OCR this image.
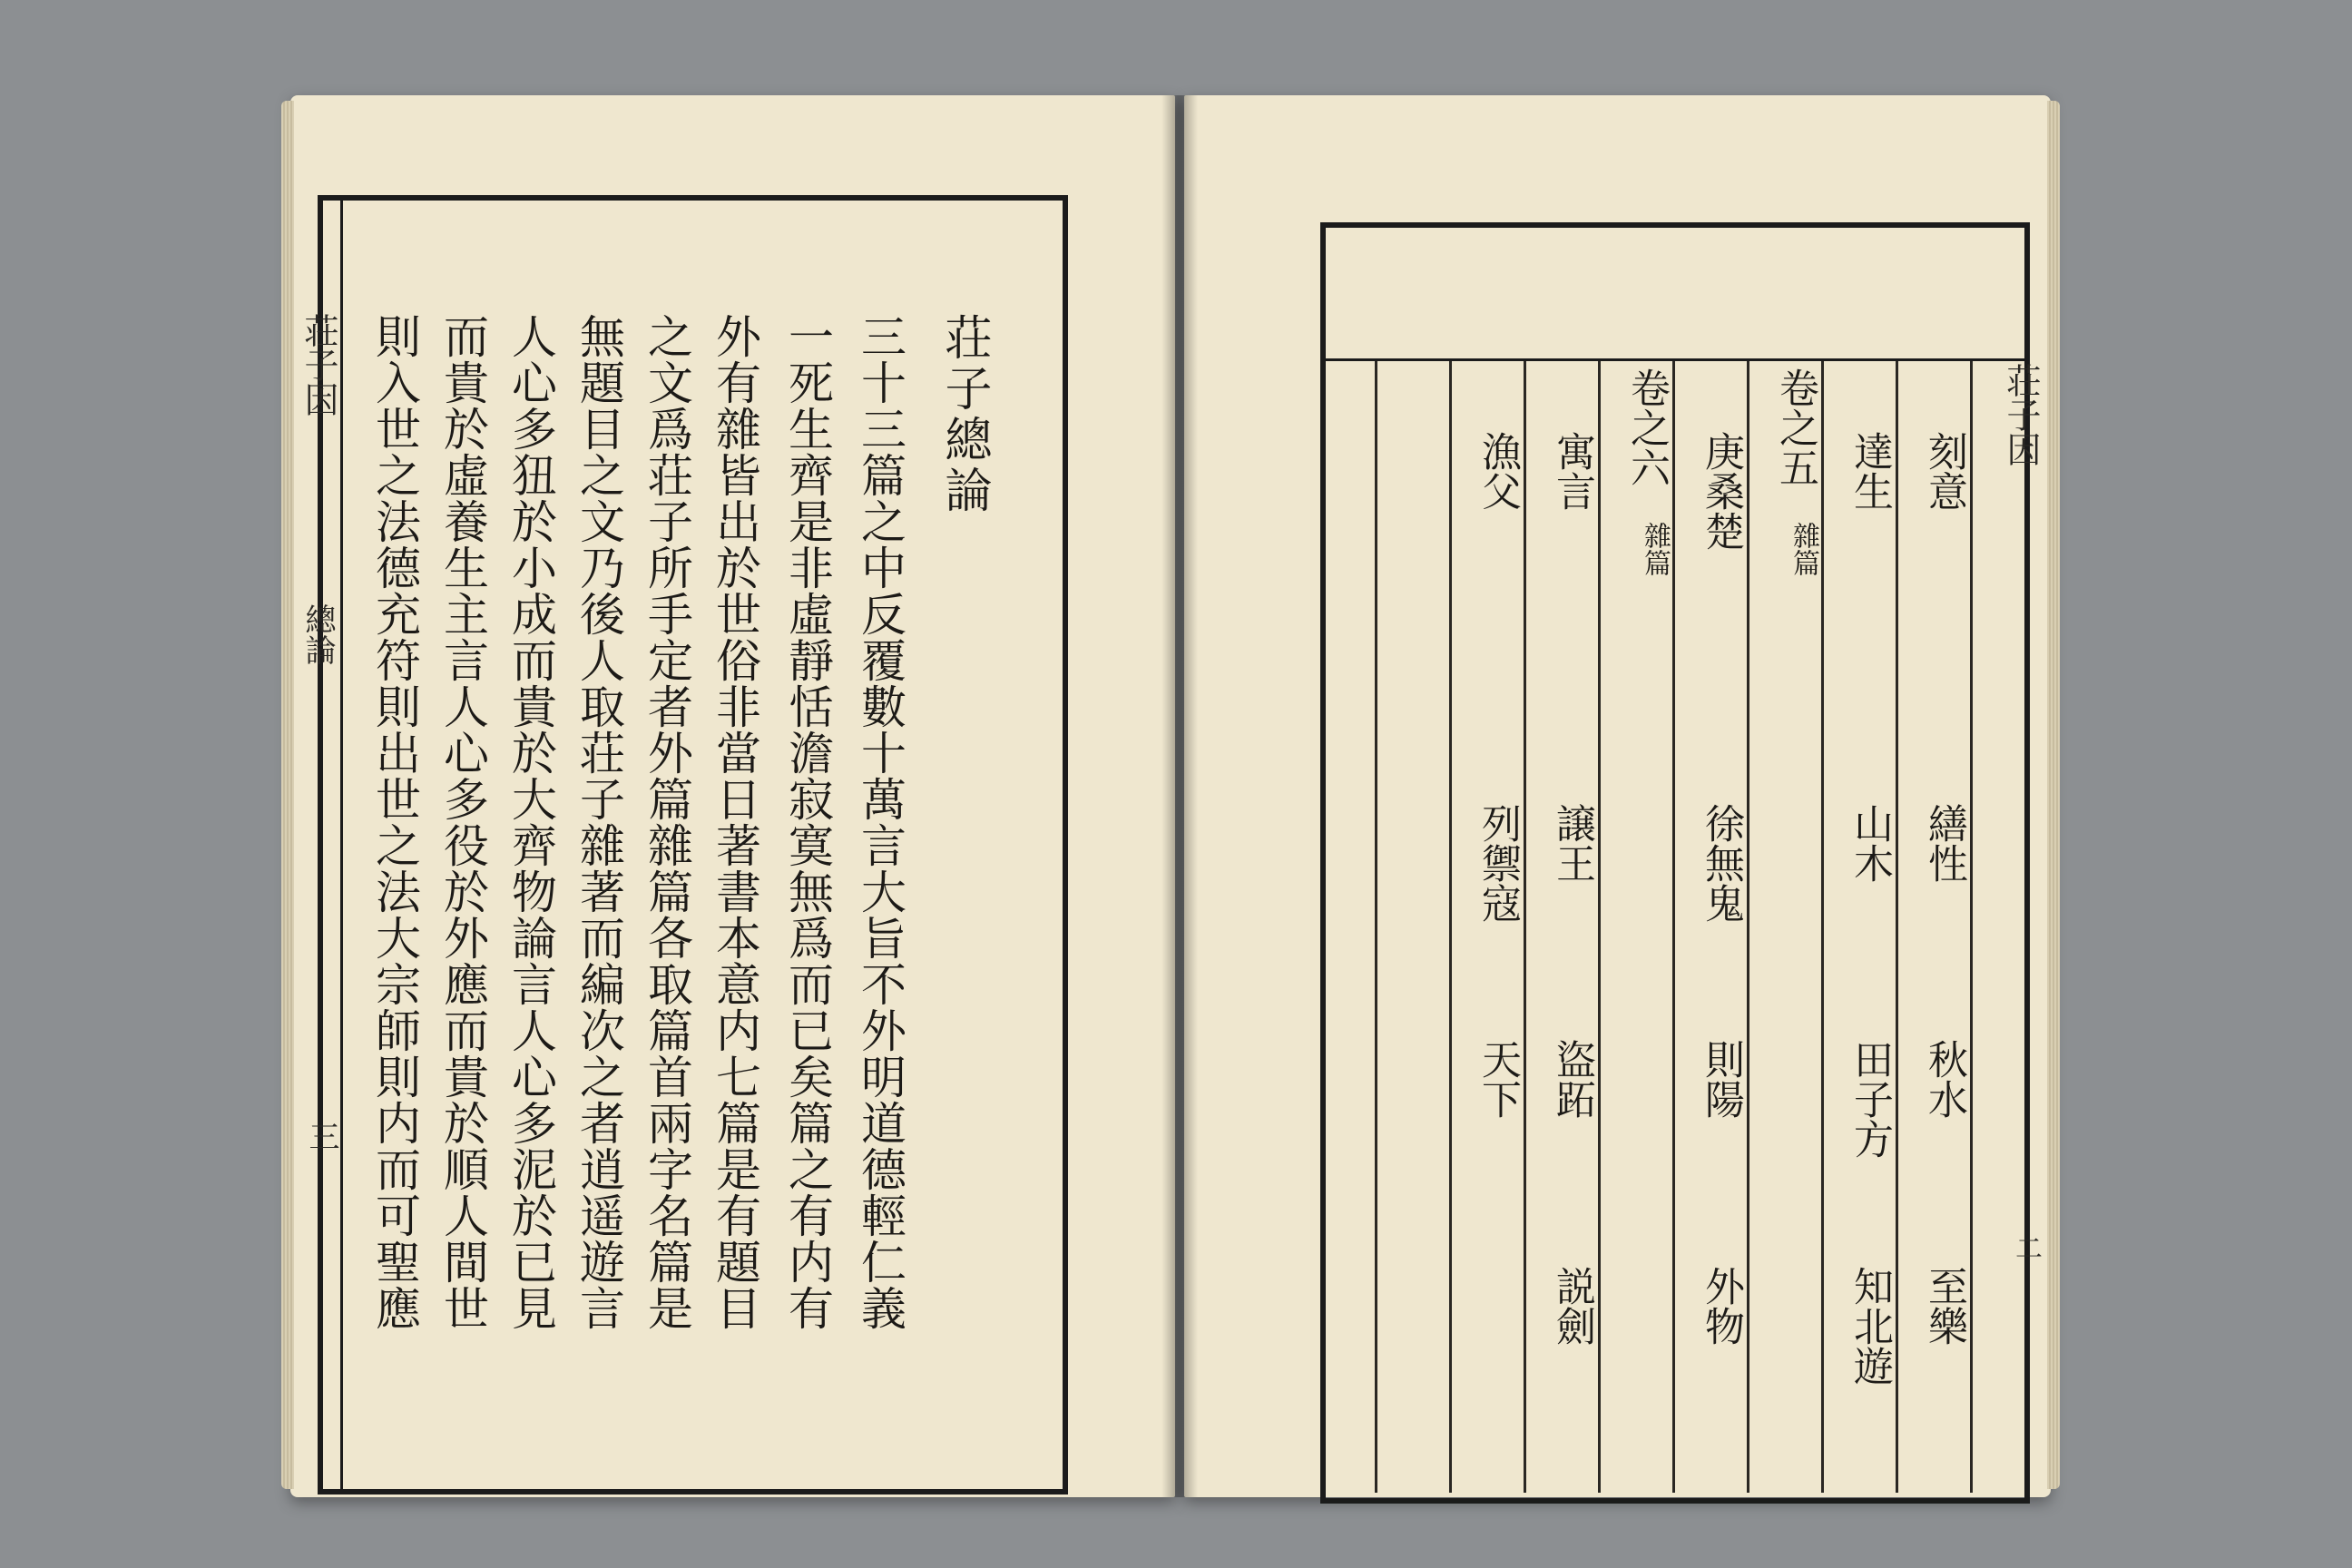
荘子因
總論
三
荘子總論
三十三篇之中反覆數十萬言大旨不外明道德輕仁義
一死生齊是非虛靜恬澹寂寞無爲而已矣篇之有内有
外有雜皆出於世俗非當日著書本意内七篇是有題目
之文爲荘子所手定者外篇雜篇各取篇首兩字名篇是
無題目之文乃後人取荘子雜著而編次之者逍遥遊言
人心多狃於小成而貴於大齊物論言人心多泥於已見
而貴於虛養生主言人心多役於外應而貴於順人間世
則入世之法德充符則出世之法大宗師則内而可聖應	荘子因
二
刻意
繕性
秋水
至樂
達生
山木
田子方
知北遊
卷之五
雜篇
庚桑楚
徐無鬼
則陽
外物
卷之六
雜篇
寓言
譲王
盜跖
説劍
漁父
列禦寇
天下
